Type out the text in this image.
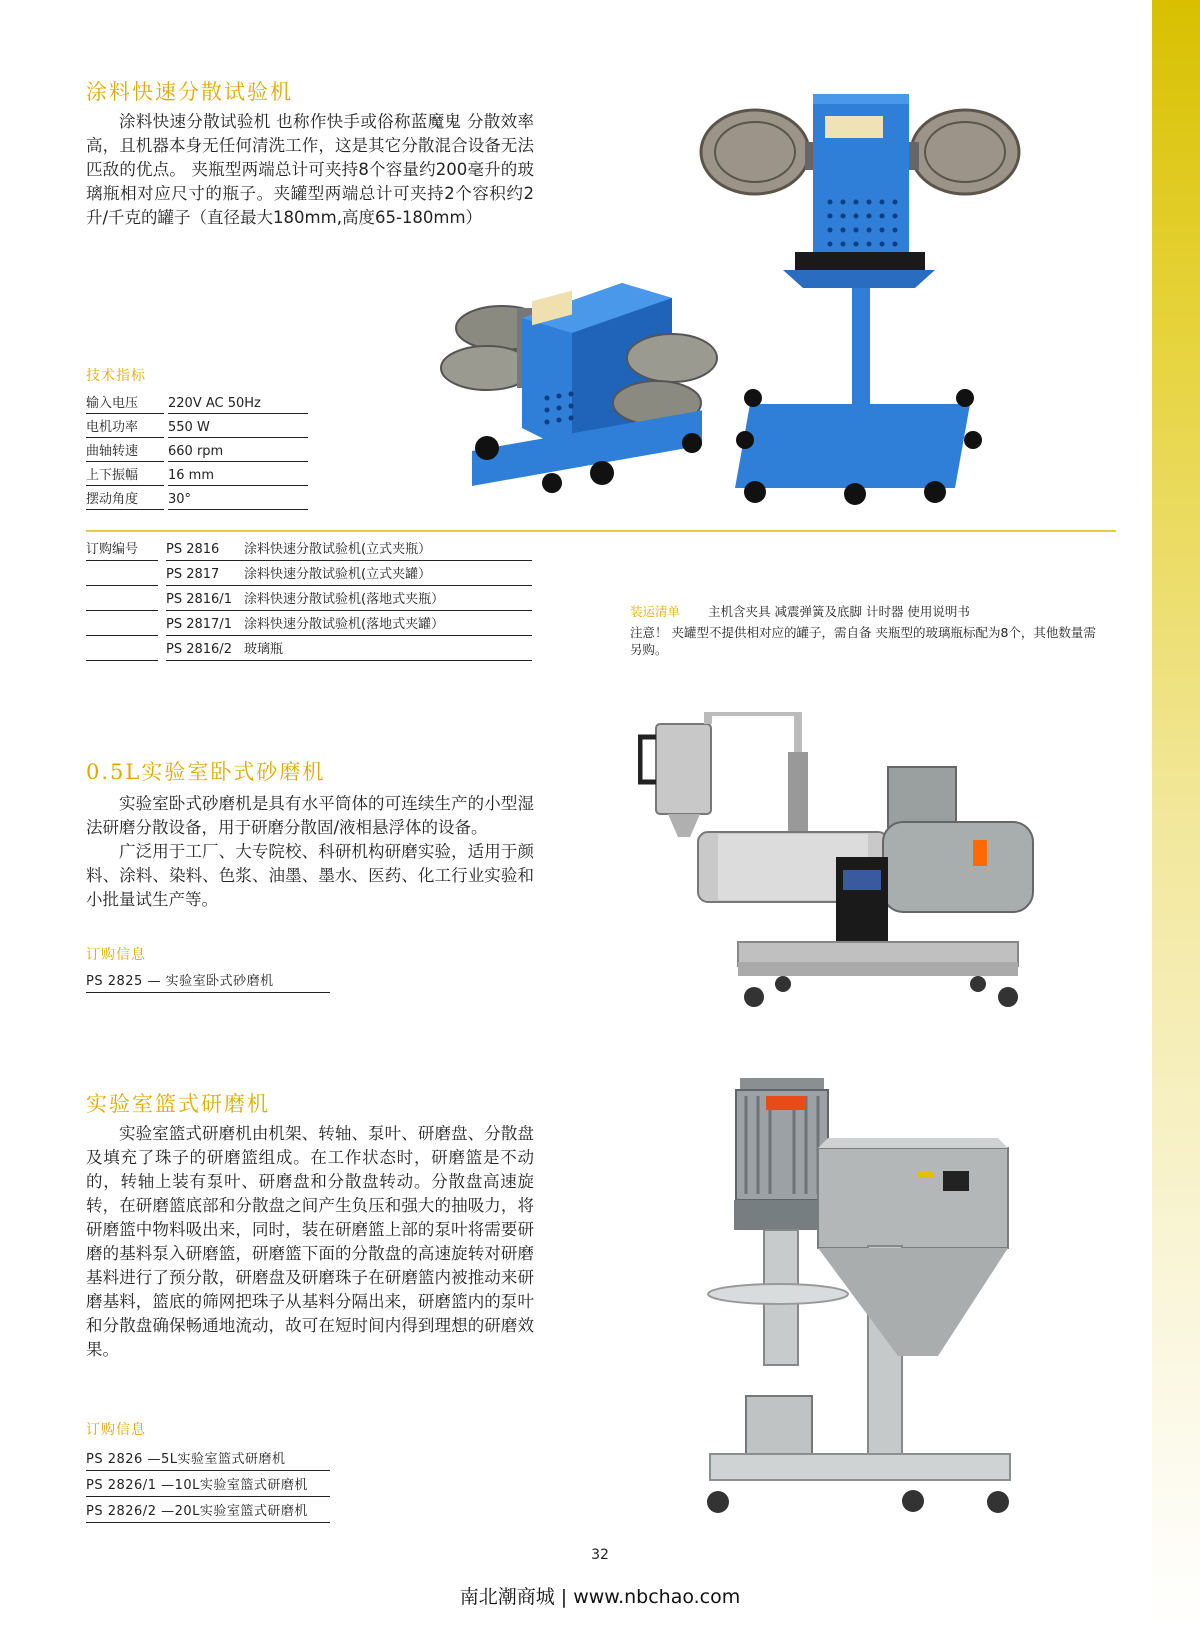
涂料快速分散试验机

涂料快速分散试验机 也称作快手或俗称蓝魔鬼 分散效率高，且机器本身无任何清洗工作，这是其它分散混合设备无法匹敌的优点。 夹瓶型两端总计可夹持8个容量约200毫升的玻璃瓶相对应尺寸的瓶子。夹罐型两端总计可夹持2个容积约2升/千克的罐子（直径最大180mm,高度65-180mm）

技术指标
输入电压	220V AC 50Hz
电机功率	550 W
曲轴转速	660 rpm
上下振幅	16 mm
摆动角度	30°
订购编号	PS 2816 涂料快速分散试验机(立式夹瓶）
PS 2817 涂料快速分散试验机(立式夹罐）
PS 2816/1 涂料快速分散试验机(落地式夹瓶）
PS 2817/1 涂料快速分散试验机(落地式夹罐）
PS 2816/2 玻璃瓶
装运清单 主机含夹具 减震弹簧及底脚 计时器 使用说明书
注意！ 夹罐型不提供相对应的罐子，需自备 夹瓶型的玻璃瓶标配为8个，其他数量需另购。
0.5L实验室卧式砂磨机

实验室卧式砂磨机是具有水平筒体的可连续生产的小型湿法研磨分散设备，用于研磨分散固/液相悬浮体的设备。

广泛用于工厂、大专院校、科研机构研磨实验，适用于颜料、涂料、染料、色浆、油墨、墨水、医药、化工行业实验和小批量试生产等。

订购信息
PS 2825 — 实验室卧式砂磨机
实验室篮式研磨机

实验室篮式研磨机由机架、转轴、泵叶、研磨盘、分散盘及填充了珠子的研磨篮组成。在工作状态时，研磨篮是不动的，转轴上装有泵叶、研磨盘和分散盘转动。分散盘高速旋转，在研磨篮底部和分散盘之间产生负压和强大的抽吸力，将研磨篮中物料吸出来，同时，装在研磨篮上部的泵叶将需要研磨的基料泵入研磨篮，研磨篮下面的分散盘的高速旋转对研磨基料进行了预分散，研磨盘及研磨珠子在研磨篮内被推动来研磨基料，篮底的筛网把珠子从基料分隔出来，研磨篮内的泵叶和分散盘确保畅通地流动，故可在短时间内得到理想的研磨效果。

订购信息
PS 2826 —5L实验室篮式研磨机
PS 2826/1 —10L实验室篮式研磨机
PS 2826/2 —20L实验室篮式研磨机
32
南北潮商城 | www.nbchao.com
